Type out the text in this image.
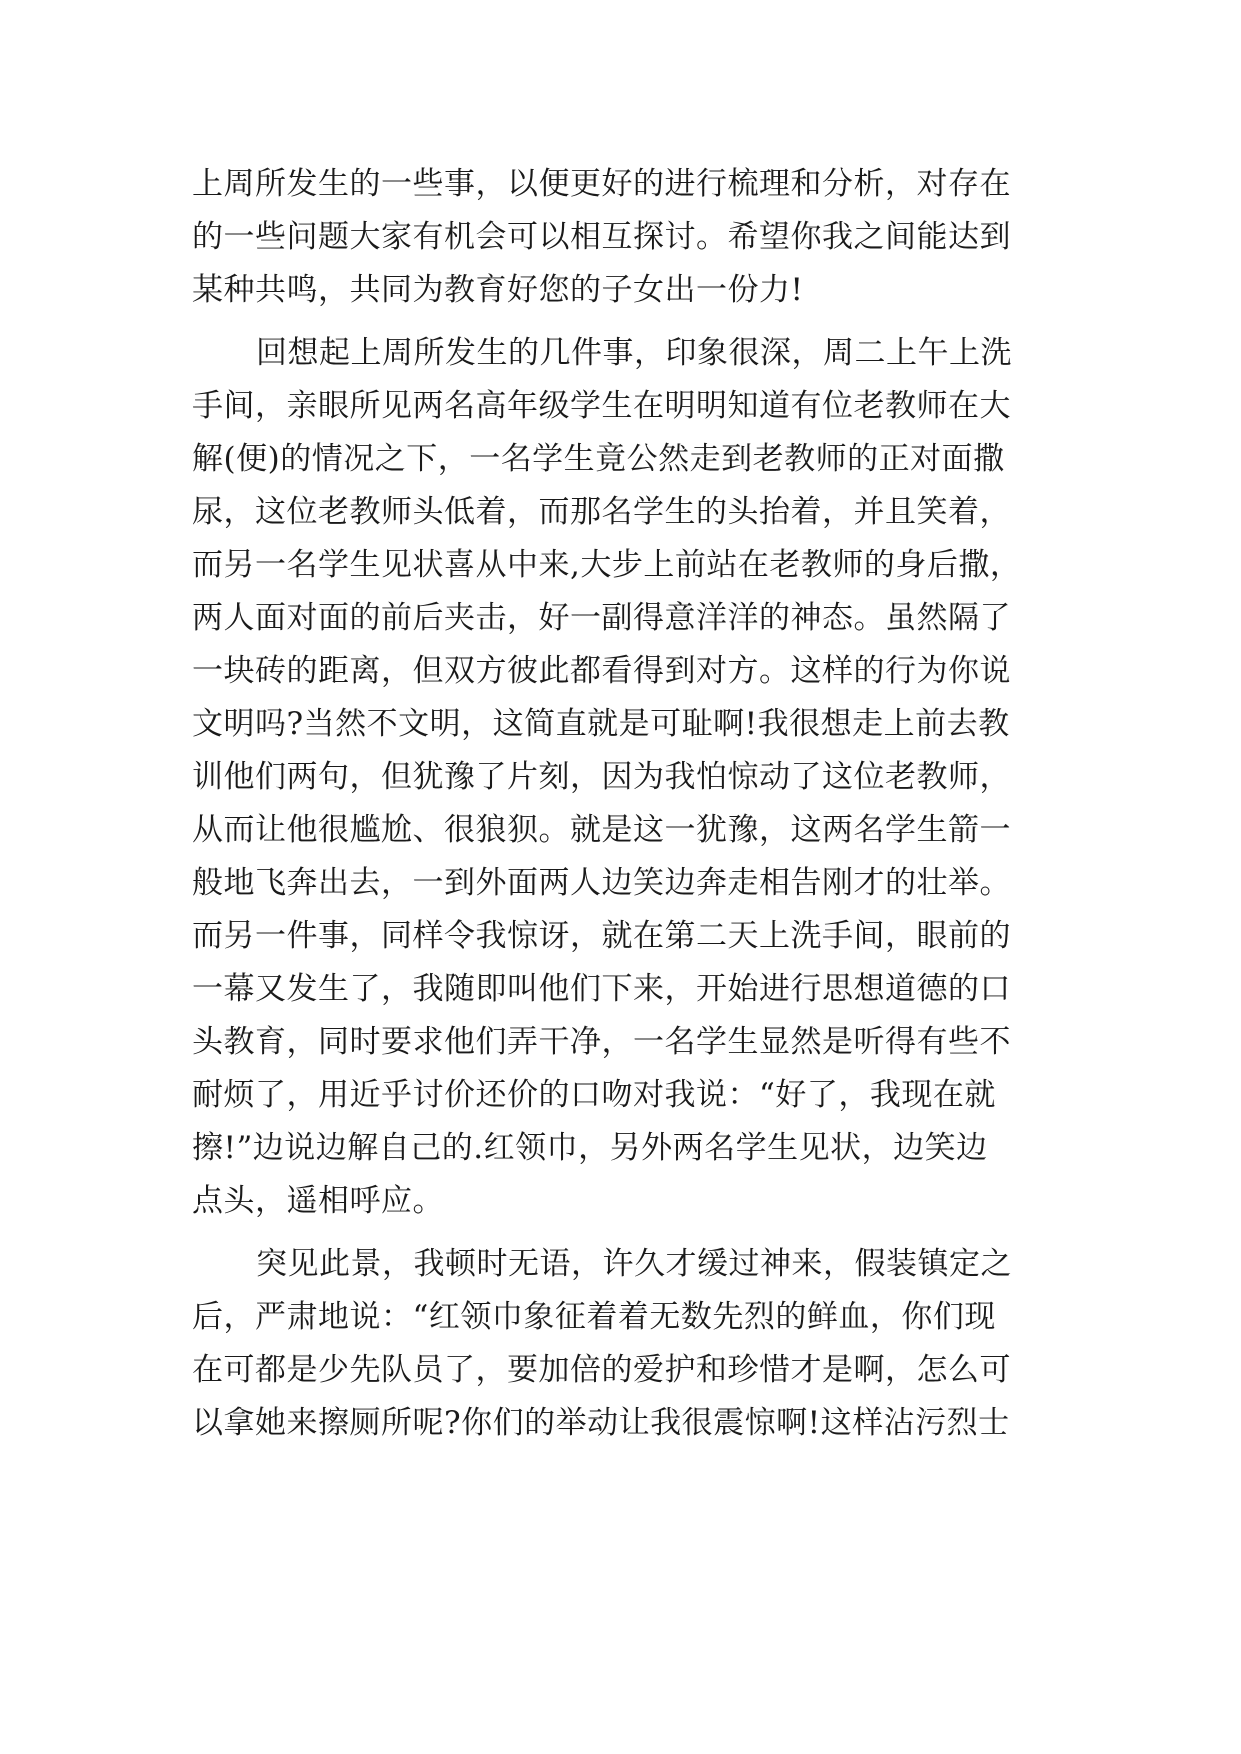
上周所发生的一些事，以便更好的进行梳理和分析，对存在
的一些问题大家有机会可以相互探讨。希望你我之间能达到
某种共鸣，共同为教育好您的子女出一份力!
回想起上周所发生的几件事，印象很深，周二上午上洗
手间，亲眼所见两名高年级学生在明明知道有位老教师在大
解(便)的情况之下，一名学生竟公然走到老教师的正对面撒
尿，这位老教师头低着，而那名学生的头抬着，并且笑着，
而另一名学生见状喜从中来,大步上前站在老教师的身后撒，
两人面对面的前后夹击，好一副得意洋洋的神态。虽然隔了
一块砖的距离，但双方彼此都看得到对方。这样的行为你说
文明吗?当然不文明，这简直就是可耻啊!我很想走上前去教
训他们两句，但犹豫了片刻，因为我怕惊动了这位老教师，
从而让他很尴尬、很狼狈。就是这一犹豫，这两名学生箭一
般地飞奔出去，一到外面两人边笑边奔走相告刚才的壮举。
而另一件事，同样令我惊讶，就在第二天上洗手间，眼前的
一幕又发生了，我随即叫他们下来，开始进行思想道德的口
头教育，同时要求他们弄干净，一名学生显然是听得有些不
耐烦了，用近乎讨价还价的口吻对我说：“好了，我现在就
擦!”边说边解自己的.红领巾，另外两名学生见状，边笑边
点头，遥相呼应。
突见此景，我顿时无语，许久才缓过神来，假装镇定之
后，严肃地说：“红领巾象征着着无数先烈的鲜血，你们现
在可都是少先队员了，要加倍的爱护和珍惜才是啊，怎么可
以拿她来擦厕所呢?你们的举动让我很震惊啊!这样沾污烈士
